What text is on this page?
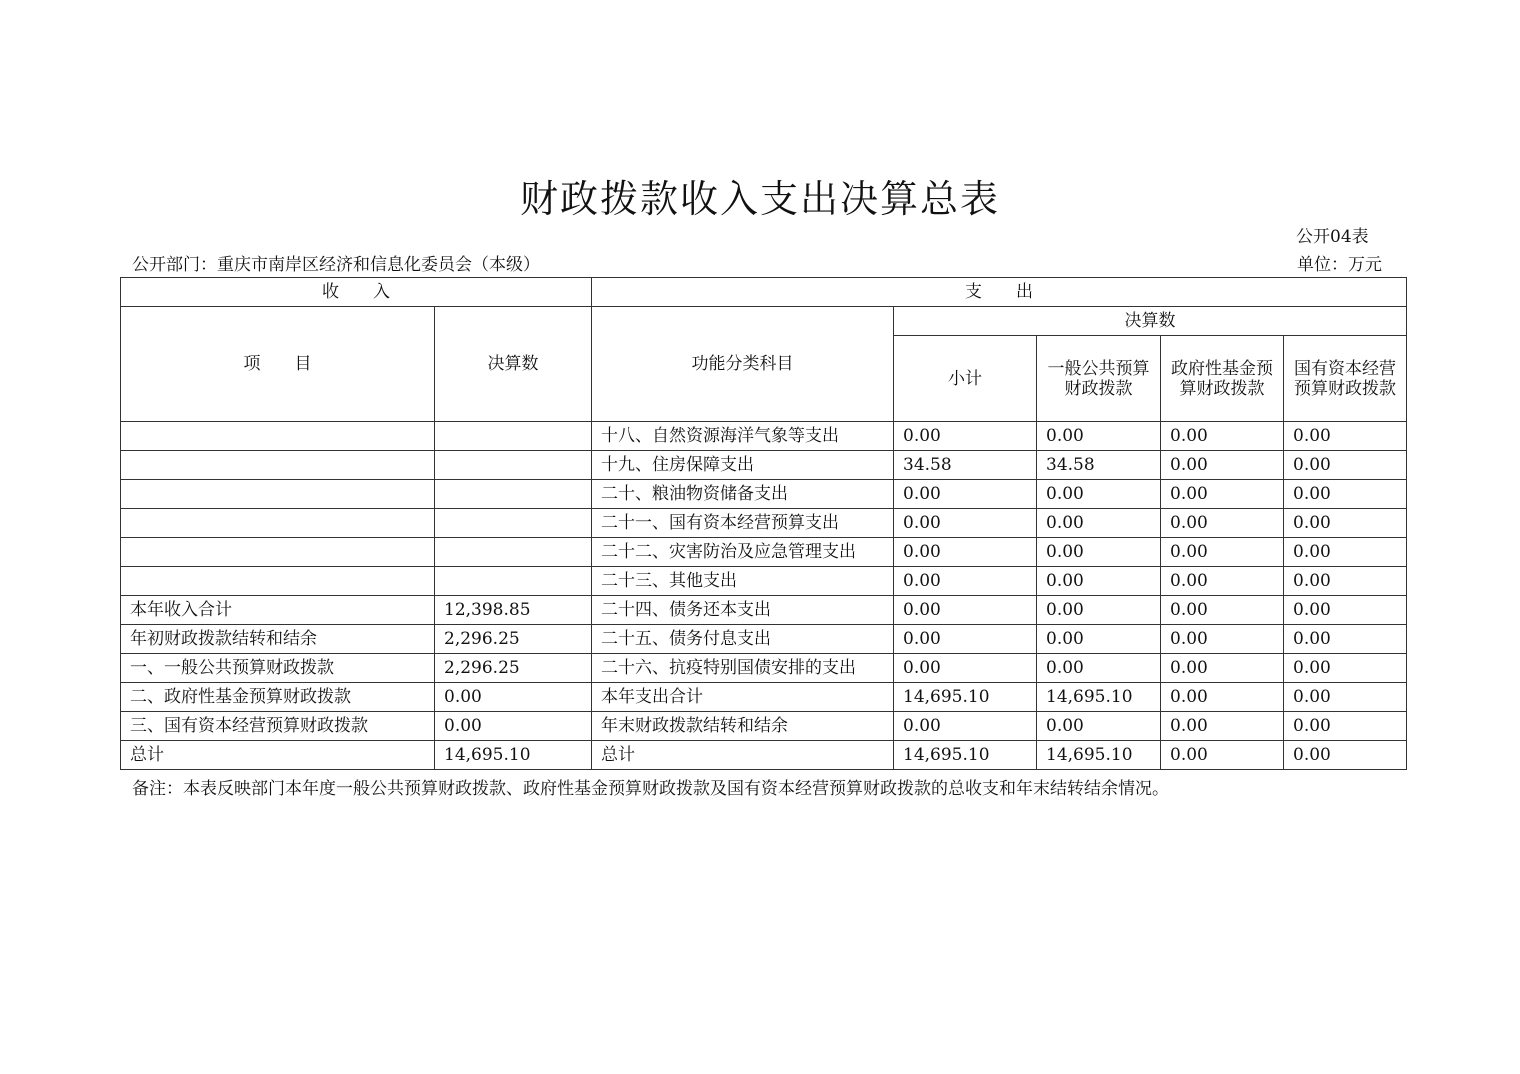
财政拨款收入支出决算总表
公开04表
公开部门：重庆市南岸区经济和信息化委员会（本级）	单位：万元
收　　入		支　　出				
项　　目	决算数	功能分类科目	决算数			
			小计	一般公共预算财政拨款	政府性基金预算财政拨款	国有资本经营预算财政拨款
		十八、自然资源海洋气象等支出	0.00	0.00	0.00	0.00
		十九、住房保障支出	34.58	34.58	0.00	0.00
		二十、粮油物资储备支出	0.00	0.00	0.00	0.00
		二十一、国有资本经营预算支出	0.00	0.00	0.00	0.00
		二十二、灾害防治及应急管理支出	0.00	0.00	0.00	0.00
		二十三、其他支出	0.00	0.00	0.00	0.00
本年收入合计	12,398.85	二十四、债务还本支出	0.00	0.00	0.00	0.00
年初财政拨款结转和结余	2,296.25	二十五、债务付息支出	0.00	0.00	0.00	0.00
一、一般公共预算财政拨款	2,296.25	二十六、抗疫特别国债安排的支出	0.00	0.00	0.00	0.00
二、政府性基金预算财政拨款	0.00	本年支出合计	14,695.10	14,695.10	0.00	0.00
三、国有资本经营预算财政拨款	0.00	年末财政拨款结转和结余	0.00	0.00	0.00	0.00
总计	14,695.10	总计	14,695.10	14,695.10	0.00	0.00
备注：本表反映部门本年度一般公共预算财政拨款、政府性基金预算财政拨款及国有资本经营预算财政拨款的总收支和年末结转结余情况。
